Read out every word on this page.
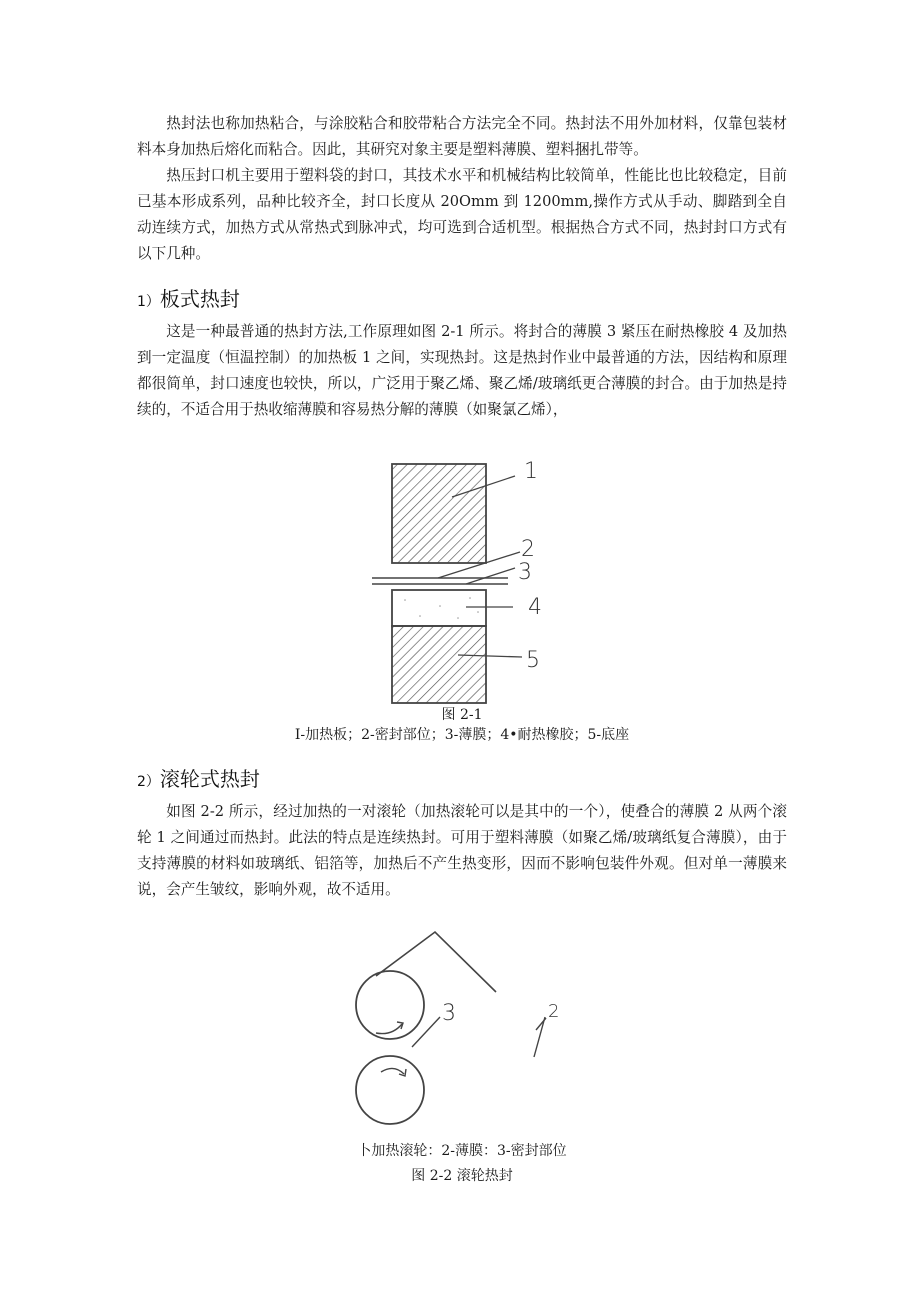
热封法也称加热粘合，与涂胶粘合和胶带粘合方法完全不同。热封法不用外加材料，仅靠包装材料本身加热后熔化而粘合。因此，其研究对象主要是塑料薄膜、塑料捆扎带等。

热压封口机主要用于塑料袋的封口，其技术水平和机械结构比较简单，性能比也比较稳定，目前已基本形成系列，品种比较齐全，封口长度从 20Omm 到 1200mm,操作方式从手动、脚踏到全自动连续方式，加热方式从常热式到脉冲式，均可选到合适机型。根据热合方式不同，热封封口方式有以下几种。

1）板式热封

这是一种最普通的热封方法,工作原理如图 2-1 所示。将封合的薄膜 3 紧压在耐热橡胶 4 及加热到一定温度（恒温控制）的加热板 1 之间，实现热封。这是热封作业中最普通的方法，因结构和原理都很简单，封口速度也较快，所以，广泛用于聚乙烯、聚乙烯/玻璃纸更合薄膜的封合。由于加热是持续的，不适合用于热收缩薄膜和容易热分解的薄膜（如聚氯乙烯），

1
2
3
4
5

图 2-1

I-加热板；2-密封部位；3-薄膜；4•耐热橡胶；5-底座

2）滚轮式热封

如图 2-2 所示，经过加热的一对滚轮（加热滚轮可以是其中的一个），使叠合的薄膜 2 从两个滚轮 1 之间通过而热封。此法的特点是连续热封。可用于塑料薄膜（如聚乙烯/玻璃纸复合薄膜），由于支持薄膜的材料如玻璃纸、铝箔等，加热后不产生热变形，因而不影响包装件外观。但对单一薄膜来说，会产生皱纹，影响外观，故不适用。

3	2

卜加热滚轮：2-薄膜：3-密封部位

图 2-2 滚轮热封
